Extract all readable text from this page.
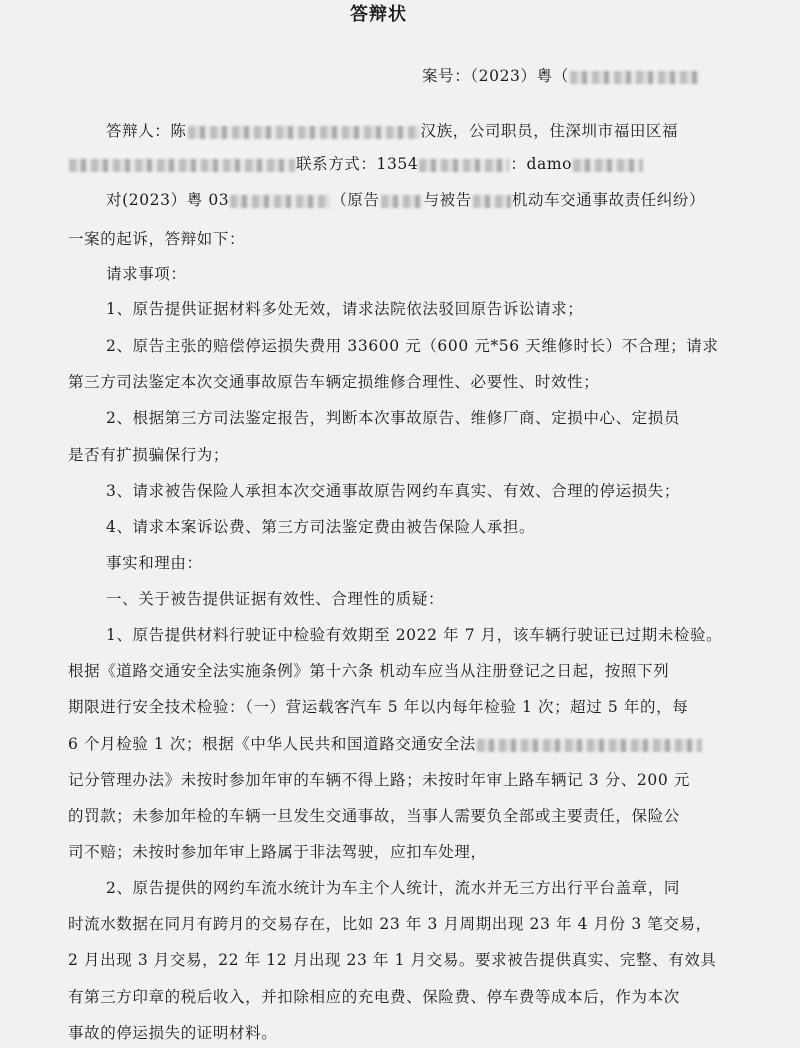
答辩状

案号：（2023）粤（

答辩人：陈	汉族，公司职员，住深圳市福田区福

联系方式：1354	：damo

对(2023）粤 03	（原告	与被告	机动车交通事故责任纠纷）

一案的起诉，答辩如下：

请求事项：

1、原告提供证据材料多处无效，请求法院依法驳回原告诉讼请求；

2、原告主张的赔偿停运损失费用 33600 元（600 元*56 天维修时长）不合理；请求

第三方司法鉴定本次交通事故原告车辆定损维修合理性、必要性、时效性；

2、根据第三方司法鉴定报告，判断本次事故原告、维修厂商、定损中心、定损员

是否有扩损骗保行为；

3、请求被告保险人承担本次交通事故原告网约车真实、有效、合理的停运损失；

4、请求本案诉讼费、第三方司法鉴定费由被告保险人承担。

事实和理由：

一、关于被告提供证据有效性、合理性的质疑：

1、原告提供材料行驶证中检验有效期至 2022 年 7 月，该车辆行驶证已过期未检验。

根据《道路交通安全法实施条例》第十六条 机动车应当从注册登记之日起，按照下列

期限进行安全技术检验：（一）营运载客汽车 5 年以内每年检验 1 次；超过 5 年的，每

6 个月检验 1 次；根据《中华人民共和国道路交通安全法

记分管理办法》未按时参加年审的车辆不得上路；未按时年审上路车辆记 3 分、200 元

的罚款；未参加年检的车辆一旦发生交通事故，当事人需要负全部或主要责任，保险公

司不赔；未按时参加年审上路属于非法驾驶，应扣车处理，

2、原告提供的网约车流水统计为车主个人统计，流水并无三方出行平台盖章，同

时流水数据在同月有跨月的交易存在，比如 23 年 3 月周期出现 23 年 4 月份 3 笔交易，

2 月出现 3 月交易，22 年 12 月出现 23 年 1 月交易。要求被告提供真实、完整、有效具

有第三方印章的税后收入，并扣除相应的充电费、保险费、停车费等成本后，作为本次

事故的停运损失的证明材料。
